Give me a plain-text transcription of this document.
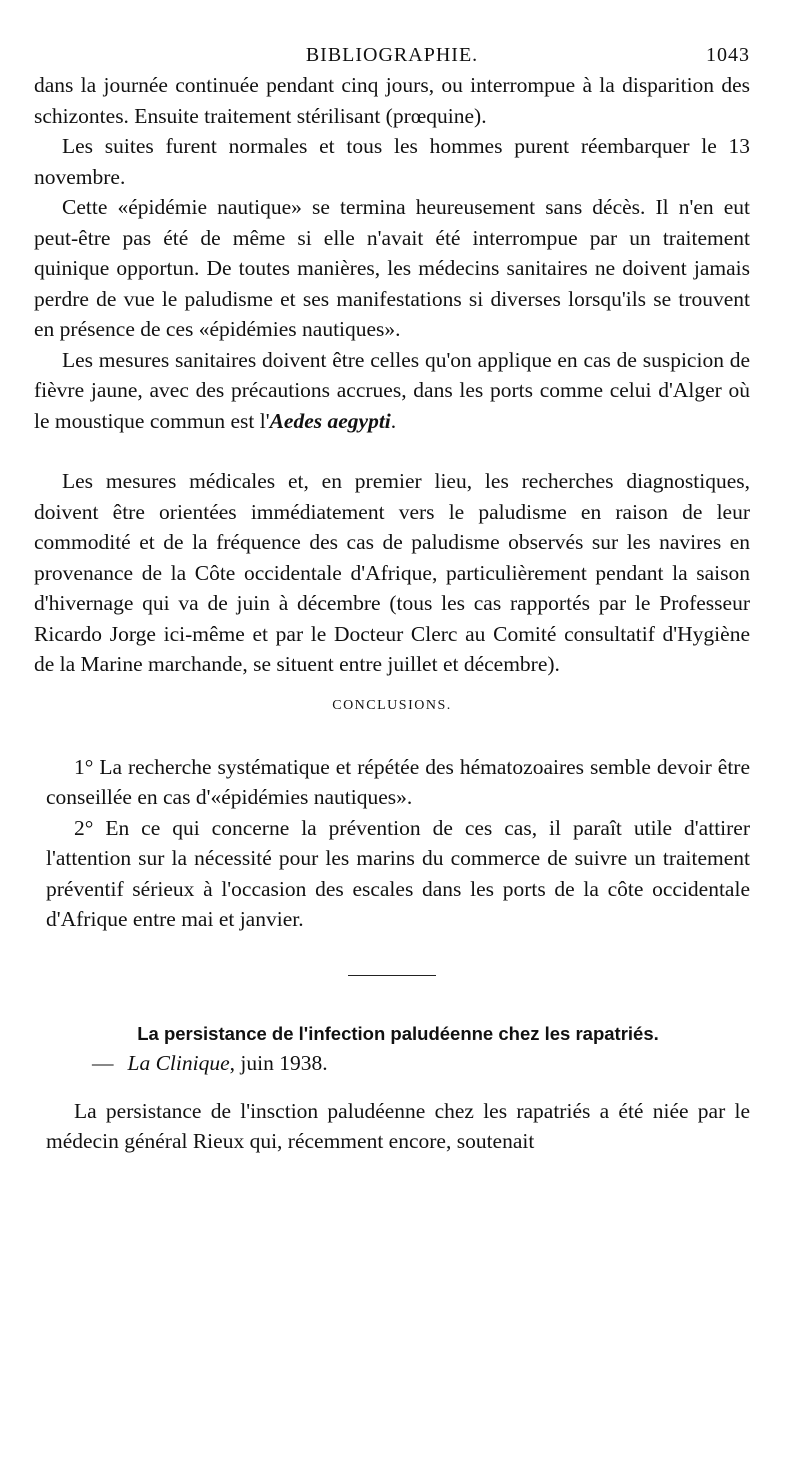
BIBLIOGRAPHIE.	1043

dans la journée continuée pendant cinq jours, ou interrompue à la disparition des schizontes. Ensuite traitement stérilisant (prœquine).

Les suites furent normales et tous les hommes purent réembarquer le 13 novembre.

Cette «épidémie nautique» se termina heureusement sans décès. Il n'en eut peut-être pas été de même si elle n'avait été interrompue par un traitement quinique opportun. De toutes manières, les médecins sanitaires ne doivent jamais perdre de vue le paludisme et ses manifestations si diverses lorsqu'ils se trouvent en présence de ces «épidémies nautiques».

Les mesures sanitaires doivent être celles qu'on applique en cas de suspicion de fièvre jaune, avec des précautions accrues, dans les ports comme celui d'Alger où le moustique commun est l'Aedes aegypti.

Les mesures médicales et, en premier lieu, les recherches diagnostiques, doivent être orientées immédiatement vers le paludisme en raison de leur commodité et de la fréquence des cas de paludisme observés sur les navires en provenance de la Côte occidentale d'Afrique, particulièrement pendant la saison d'hivernage qui va de juin à décembre (tous les cas rapportés par le Professeur Ricardo Jorge ici-même et par le Docteur Clerc au Comité consultatif d'Hygiène de la Marine marchande, se situent entre juillet et décembre).

CONCLUSIONS.

1° La recherche systématique et répétée des hématozoaires semble devoir être conseillée en cas d'«épidémies nautiques».

2° En ce qui concerne la prévention de ces cas, il paraît utile d'attirer l'attention sur la nécessité pour les marins du commerce de suivre un traitement préventif sérieux à l'occasion des escales dans les ports de la côte occidentale d'Afrique entre mai et janvier.

La persistance de l'infection paludéenne chez les rapatriés.
— La Clinique, juin 1938.

La persistance de l'insction paludéenne chez les rapatriés a été niée par le médecin général Rieux qui, récemment encore, soutenait
